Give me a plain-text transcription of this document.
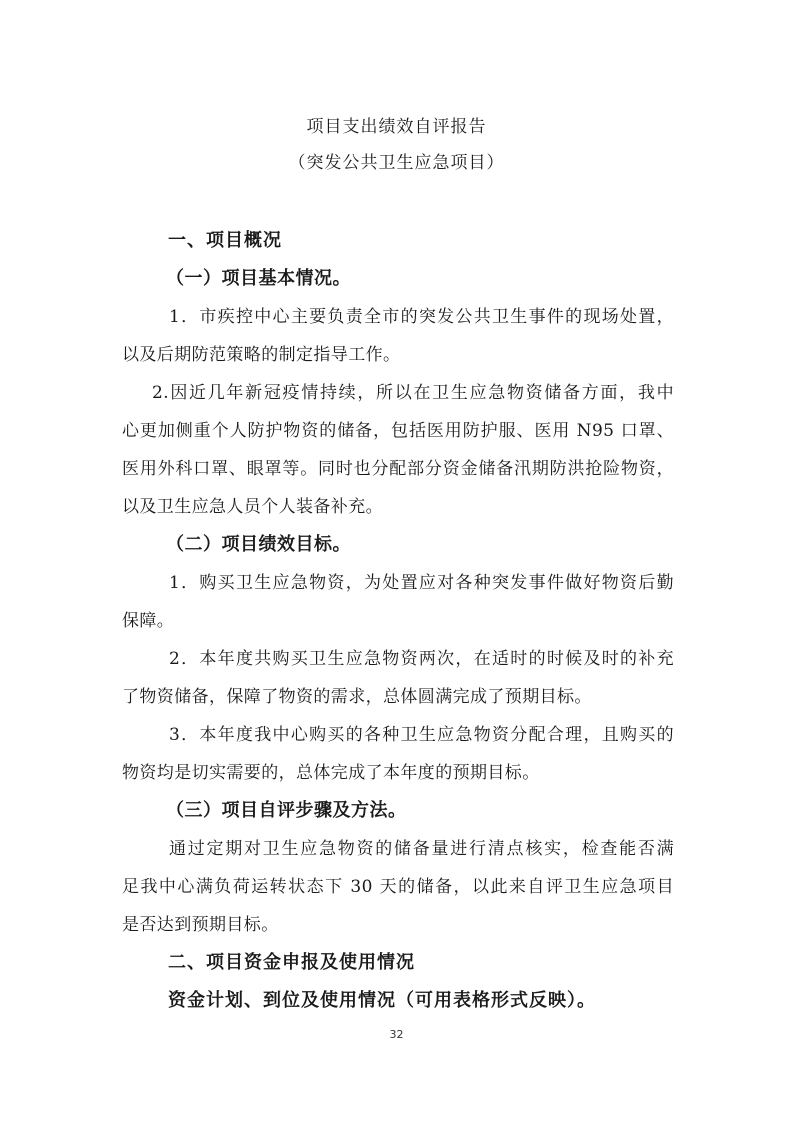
项目支出绩效自评报告

（突发公共卫生应急项目）

一、项目概况

（一）项目基本情况。

1．市疾控中心主要负责全市的突发公共卫生事件的现场处置，

以及后期防范策略的制定指导工作。

2.因近几年新冠疫情持续，所以在卫生应急物资储备方面，我中

心更加侧重个人防护物资的储备，包括医用防护服、医用 N95 口罩、

医用外科口罩、眼罩等。同时也分配部分资金储备汛期防洪抢险物资，

以及卫生应急人员个人装备补充。

（二）项目绩效目标。

1．购买卫生应急物资，为处置应对各种突发事件做好物资后勤

保障。

2．本年度共购买卫生应急物资两次，在适时的时候及时的补充

了物资储备，保障了物资的需求，总体圆满完成了预期目标。

3．本年度我中心购买的各种卫生应急物资分配合理，且购买的

物资均是切实需要的，总体完成了本年度的预期目标。

（三）项目自评步骤及方法。

通过定期对卫生应急物资的储备量进行清点核实，检查能否满

足我中心满负荷运转状态下 30 天的储备，以此来自评卫生应急项目

是否达到预期目标。

二、项目资金申报及使用情况

资金计划、到位及使用情况（可用表格形式反映）。

32
